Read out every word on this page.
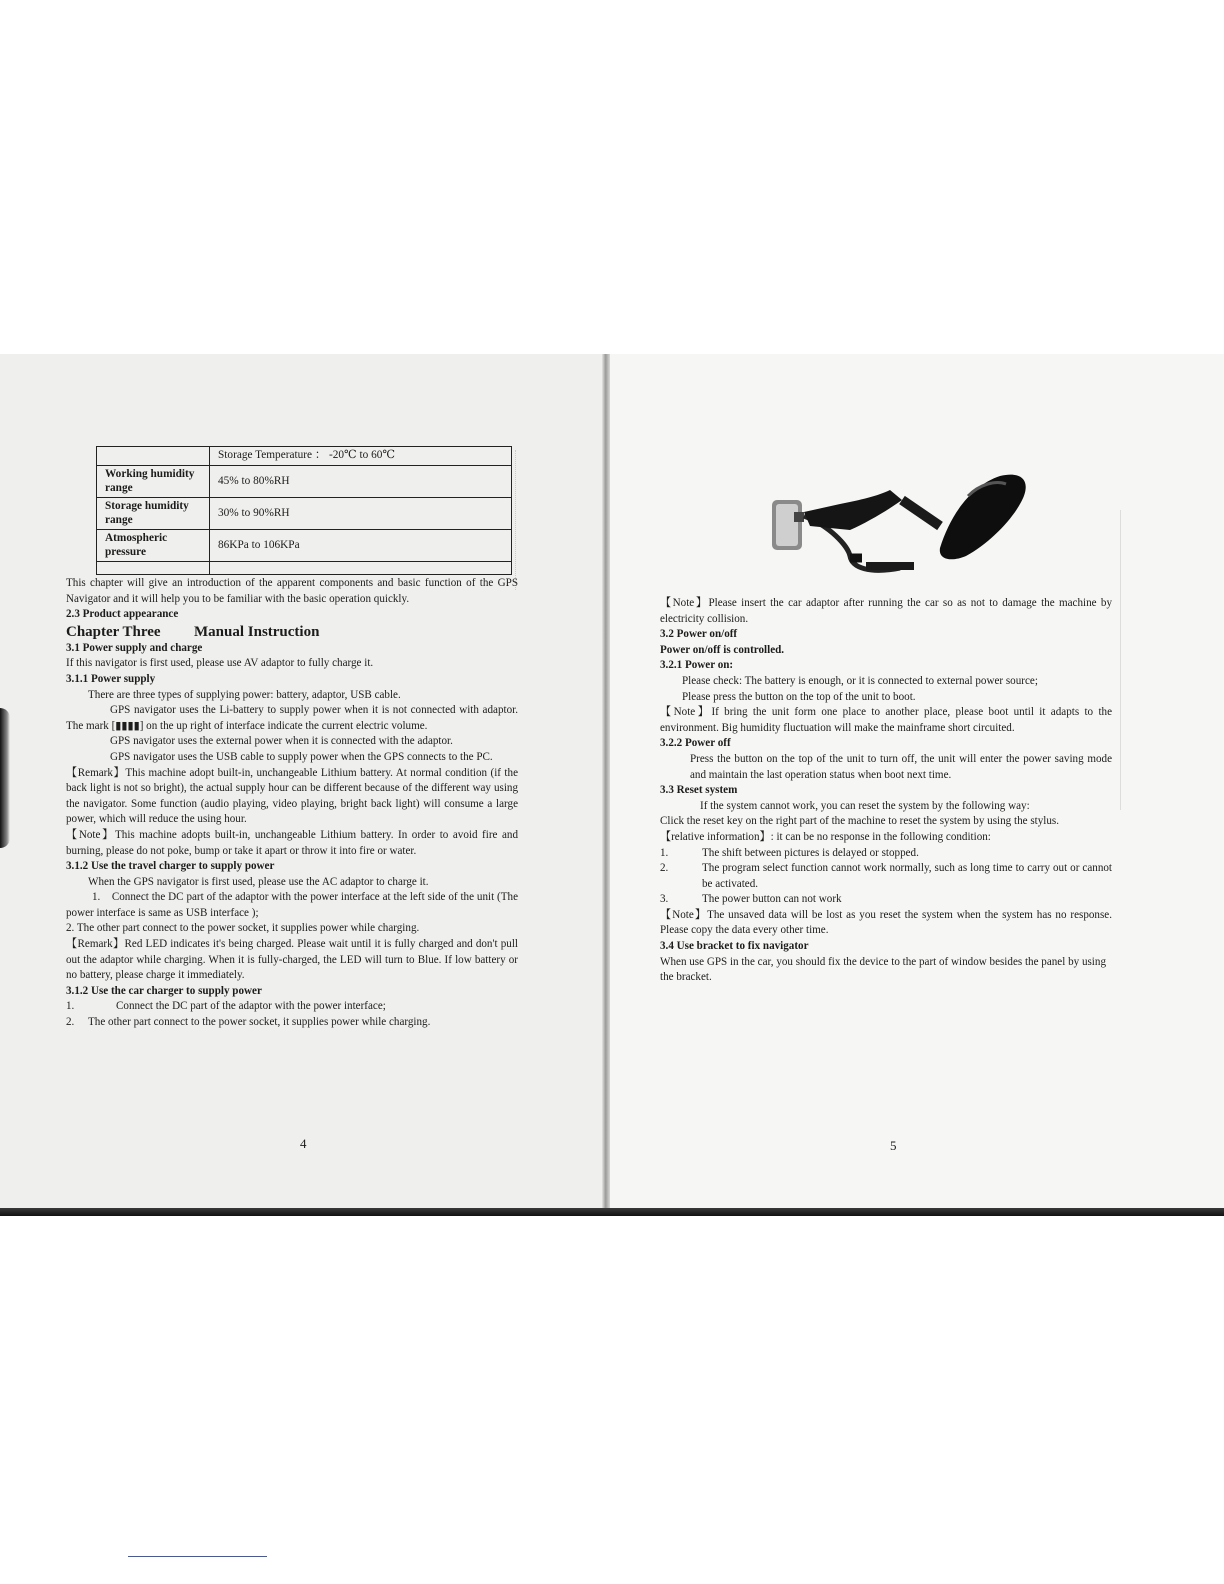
	Storage Temperature ： -20℃ to 60℃
Working humidity range	45% to 80%RH
Storage humidity range	30% to 90%RH
Atmospheric pressure	86KPa to 106KPa

This chapter will give an introduction of the apparent components and basic function of the GPS Navigator and it will help you to be familiar with the basic operation quickly.

2.3 Product appearance

Chapter Three Manual Instruction

3.1 Power supply and charge

If this navigator is first used, please use AV adaptor to fully charge it.

3.1.1 Power supply

There are three types of supplying power: battery, adaptor, USB cable.

GPS navigator uses the Li-battery to supply power when it is not connected with adaptor. The mark [▮▮▮▮] on the up right of interface indicate the current electric volume.

GPS navigator uses the external power when it is connected with the adaptor.

GPS navigator uses the USB cable to supply power when the GPS connects to the PC.

【Remark】This machine adopt built-in, unchangeable Lithium battery. At normal condition (if the back light is not so bright), the actual supply hour can be different because of the different way using the navigator. Some function (audio playing, video playing, bright back light) will consume a large power, which will reduce the using hour.

【Note】This machine adopts built-in, unchangeable Lithium battery. In order to avoid fire and burning, please do not poke, bump or take it apart or throw it into fire or water.

3.1.2 Use the travel charger to supply power

When the GPS navigator is first used, please use the AC adaptor to charge it.

1. Connect the DC part of the adaptor with the power interface at the left side of the unit (The power interface is same as USB interface );

2. The other part connect to the power socket, it supplies power while charging.

【Remark】Red LED indicates it's being charged. Please wait until it is fully charged and don't pull out the adaptor while charging. When it is fully-charged, the LED will turn to Blue. If low battery or no battery, please charge it immediately.

3.1.2 Use the car charger to supply power

1.	Connect the DC part of the adaptor with the power interface;
2.	The other part connect to the power socket, it supplies power while charging.
4

【Note】Please insert the car adaptor after running the car so as not to damage the machine by electricity collision.

3.2 Power on/off

Power on/off is controlled.

3.2.1 Power on:

Please check: The battery is enough, or it is connected to external power source;

Please press the button on the top of the unit to boot.

【Note】If bring the unit form one place to another place, please boot until it adapts to the environment. Big humidity fluctuation will make the mainframe short circuited.

3.2.2 Power off

Press the button on the top of the unit to turn off, the unit will enter the power saving mode and maintain the last operation status when boot next time.

3.3 Reset system

If the system cannot work, you can reset the system by the following way:

Click the reset key on the right part of the machine to reset the system by using the stylus.

【relative information】: it can be no response in the following condition:

1.	The shift between pictures is delayed or stopped.
2.	The program select function cannot work normally, such as long time to carry out or cannot be activated.
3.	The power button can not work

【Note】The unsaved data will be lost as you reset the system when the system has no response. Please copy the data every other time.

3.4 Use bracket to fix navigator

When use GPS in the car, you should fix the device to the part of window besides the panel by using the bracket.

5
